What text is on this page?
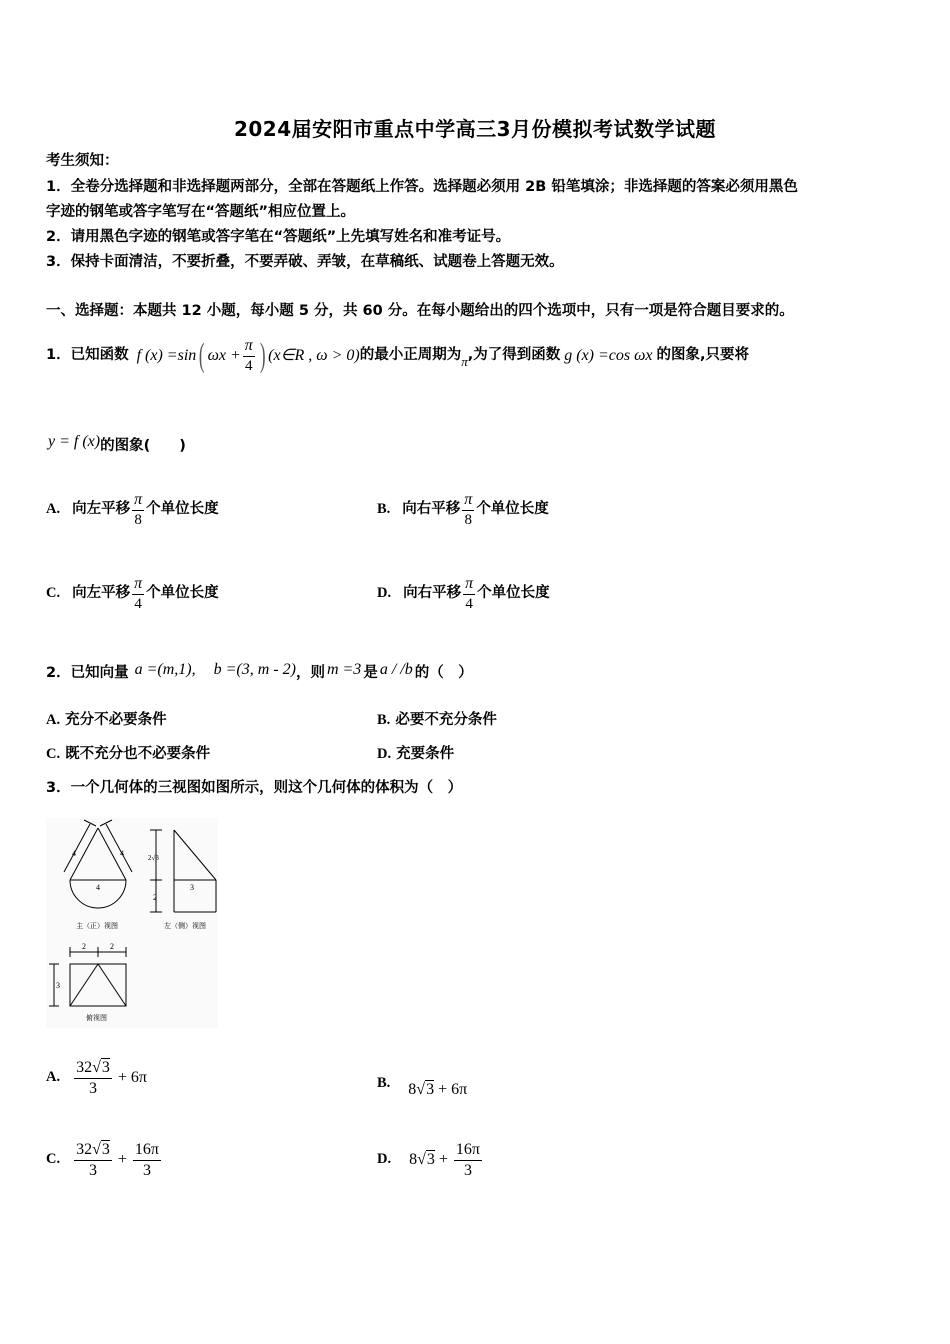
2024届安阳市重点中学高三3月份模拟考试数学试题
考生须知：
1．全卷分选择题和非选择题两部分，全部在答题纸上作答。选择题必须用 2B 铅笔填涂；非选择题的答案必须用黑色
字迹的钢笔或答字笔写在“答题纸”相应位置上。
2．请用黑色字迹的钢笔或答字笔在“答题纸”上先填写姓名和准考证号。
3．保持卡面清洁，不要折叠，不要弄破、弄皱，在草稿纸、试题卷上答题无效。
一、选择题：本题共 12 小题，每小题 5 分，共 60 分。在每小题给出的四个选项中，只有一项是符合题目要求的。
1．已知函数 f (x) =sin ( $\omega x + \frac{\pi}{4}$ ) (x∈R , ω > 0) 的最小正周期为 π ,为了得到函数 g (x) =cos ωx 的图象,只要将
y = f (x) 的图象(　　)
A. 向左平移 $\frac{\pi}{8}$ 个单位长度	B. 向右平移 $\frac{\pi}{8}$ 个单位长度
C. 向左平移 $\frac{\pi}{4}$ 个单位长度	D. 向右平移 $\frac{\pi}{4}$ 个单位长度
2．已知向量 a =(m,1), b =(3, m - 2) ，则 m =3 是 a / /b 的（　）
A. 充分不必要条件	B. 必要不充分条件
C. 既不充分也不必要条件	D. 充要条件
3．一个几何体的三视图如图所示，则这个几何体的体积为（　）
4	4
4
2√3
2
3
2	2
3
主（正）视图	左（侧）视图
俯视图
A. $\frac{32√3}{3} + 6\pi$	B. 8√3 + 6π
C. $\frac{32√3}{3} + \frac{16\pi}{3}$	D. $8√3 + \frac{16\pi}{3}$
